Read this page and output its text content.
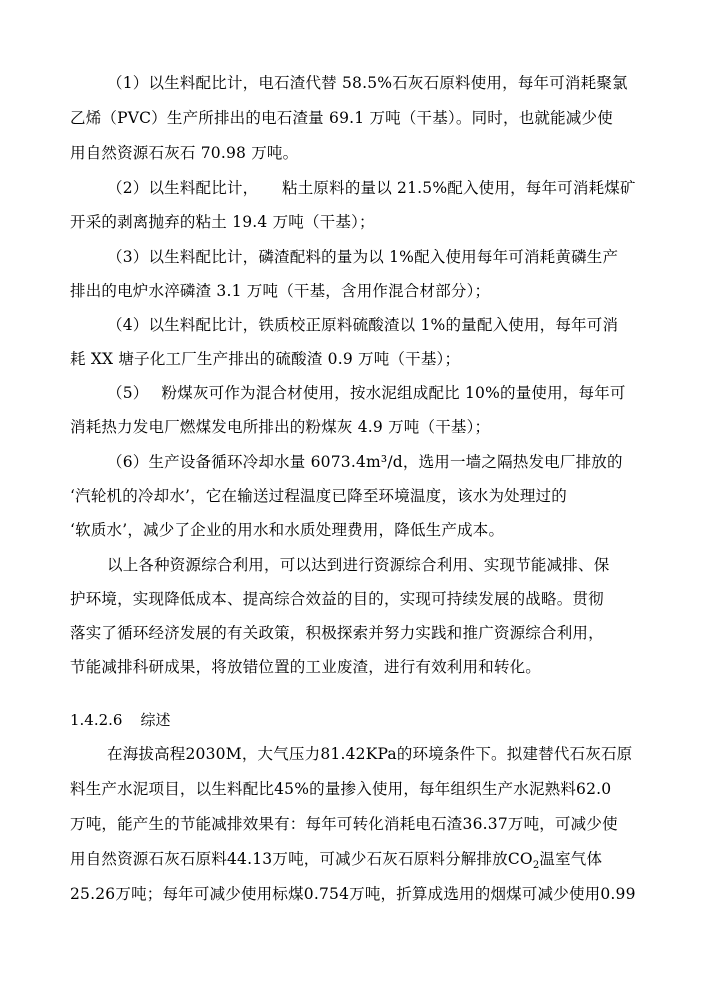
（1）以生料配比计，电石渣代替 58.5%石灰石原料使用，每年可消耗聚氯
乙烯（PVC）生产所排出的电石渣量 69.1 万吨（干基）。同时，也就能减少使
用自然资源石灰石 70.98 万吨。
（2）以生料配比计，　　粘土原料的量以 21.5%配入使用，每年可消耗煤矿
开采的剥离抛弃的粘土 19.4 万吨（干基）；
（3）以生料配比计，磷渣配料的量为以 1%配入使用每年可消耗黄磷生产
排出的电炉水淬磷渣 3.1 万吨（干基，含用作混合材部分）；
（4）以生料配比计，铁质校正原料硫酸渣以 1%的量配入使用，每年可消
耗 XX 塘子化工厂生产排出的硫酸渣 0.9 万吨（干基）；
（5）　 粉煤灰可作为混合材使用，按水泥组成配比 10%的量使用，每年可
消耗热力发电厂燃煤发电所排出的粉煤灰 4.9 万吨（干基）；
（6）生产设备循环冷却水量 6073.4m³/d，选用一墙之隔热发电厂排放的
‘汽轮机的冷却水’，它在输送过程温度已降至环境温度，该水为处理过的
‘软质水’，减少了企业的用水和水质处理费用，降低生产成本。
以上各种资源综合利用，可以达到进行资源综合利用、实现节能减排、保
护环境，实现降低成本、提高综合效益的目的，实现可持续发展的战略。贯彻
落实了循环经济发展的有关政策，积极探索并努力实践和推广资源综合利用，
节能减排科研成果，将放错位置的工业废渣，进行有效利用和转化。
1.4.2.6 综述
在海拔高程2030M，大气压力81.42KPa的环境条件下。拟建替代石灰石原
料生产水泥项目，以生料配比45%的量掺入使用，每年组织生产水泥熟料62.0
万吨，能产生的节能减排效果有：每年可转化消耗电石渣36.37万吨，可减少使
用自然资源石灰石原料44.13万吨，可减少石灰石原料分解排放$CO_2$温室气体
25.26万吨；每年可减少使用标煤0.754万吨，折算成选用的烟煤可减少使用0.99
